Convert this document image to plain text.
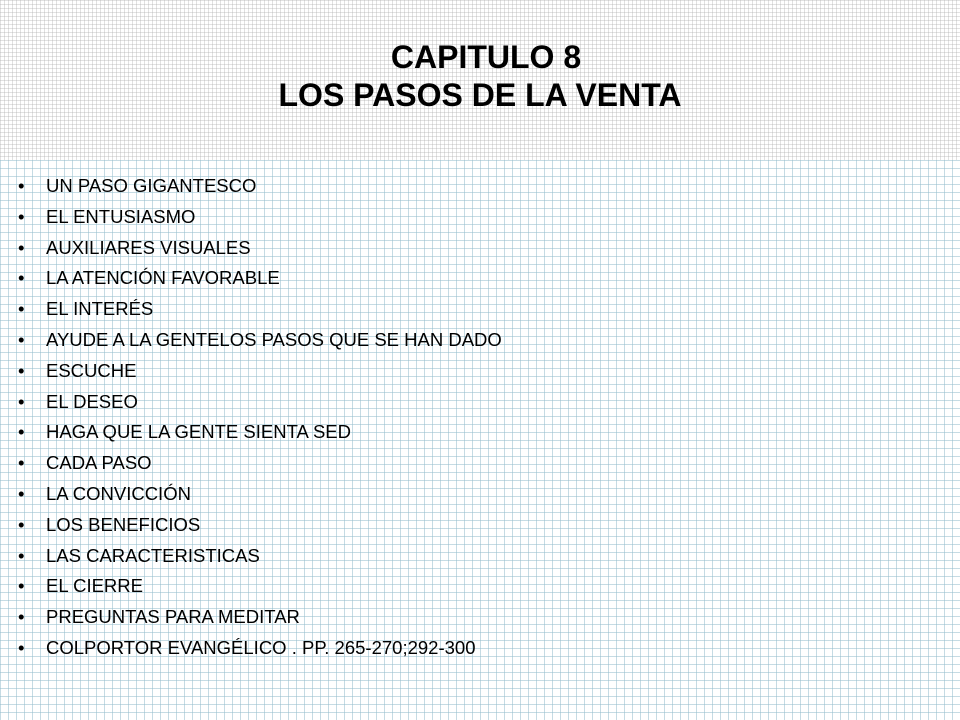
CAPITULO 8
LOS PASOS DE LA VENTA
• UN PASO GIGANTESCO
• EL ENTUSIASMO
• AUXILIARES VISUALES
• LA ATENCIÓN FAVORABLE
• EL INTERÉS
• AYUDE A LA GENTELOS PASOS QUE SE HAN DADO
• ESCUCHE
• EL DESEO
• HAGA QUE LA GENTE SIENTA SED
• CADA PASO
• LA CONVICCIÓN
• LOS BENEFICIOS
• LAS CARACTERISTICAS
• EL CIERRE
• PREGUNTAS PARA MEDITAR
• COLPORTOR EVANGÉLICO . PP. 265-270;292-300
